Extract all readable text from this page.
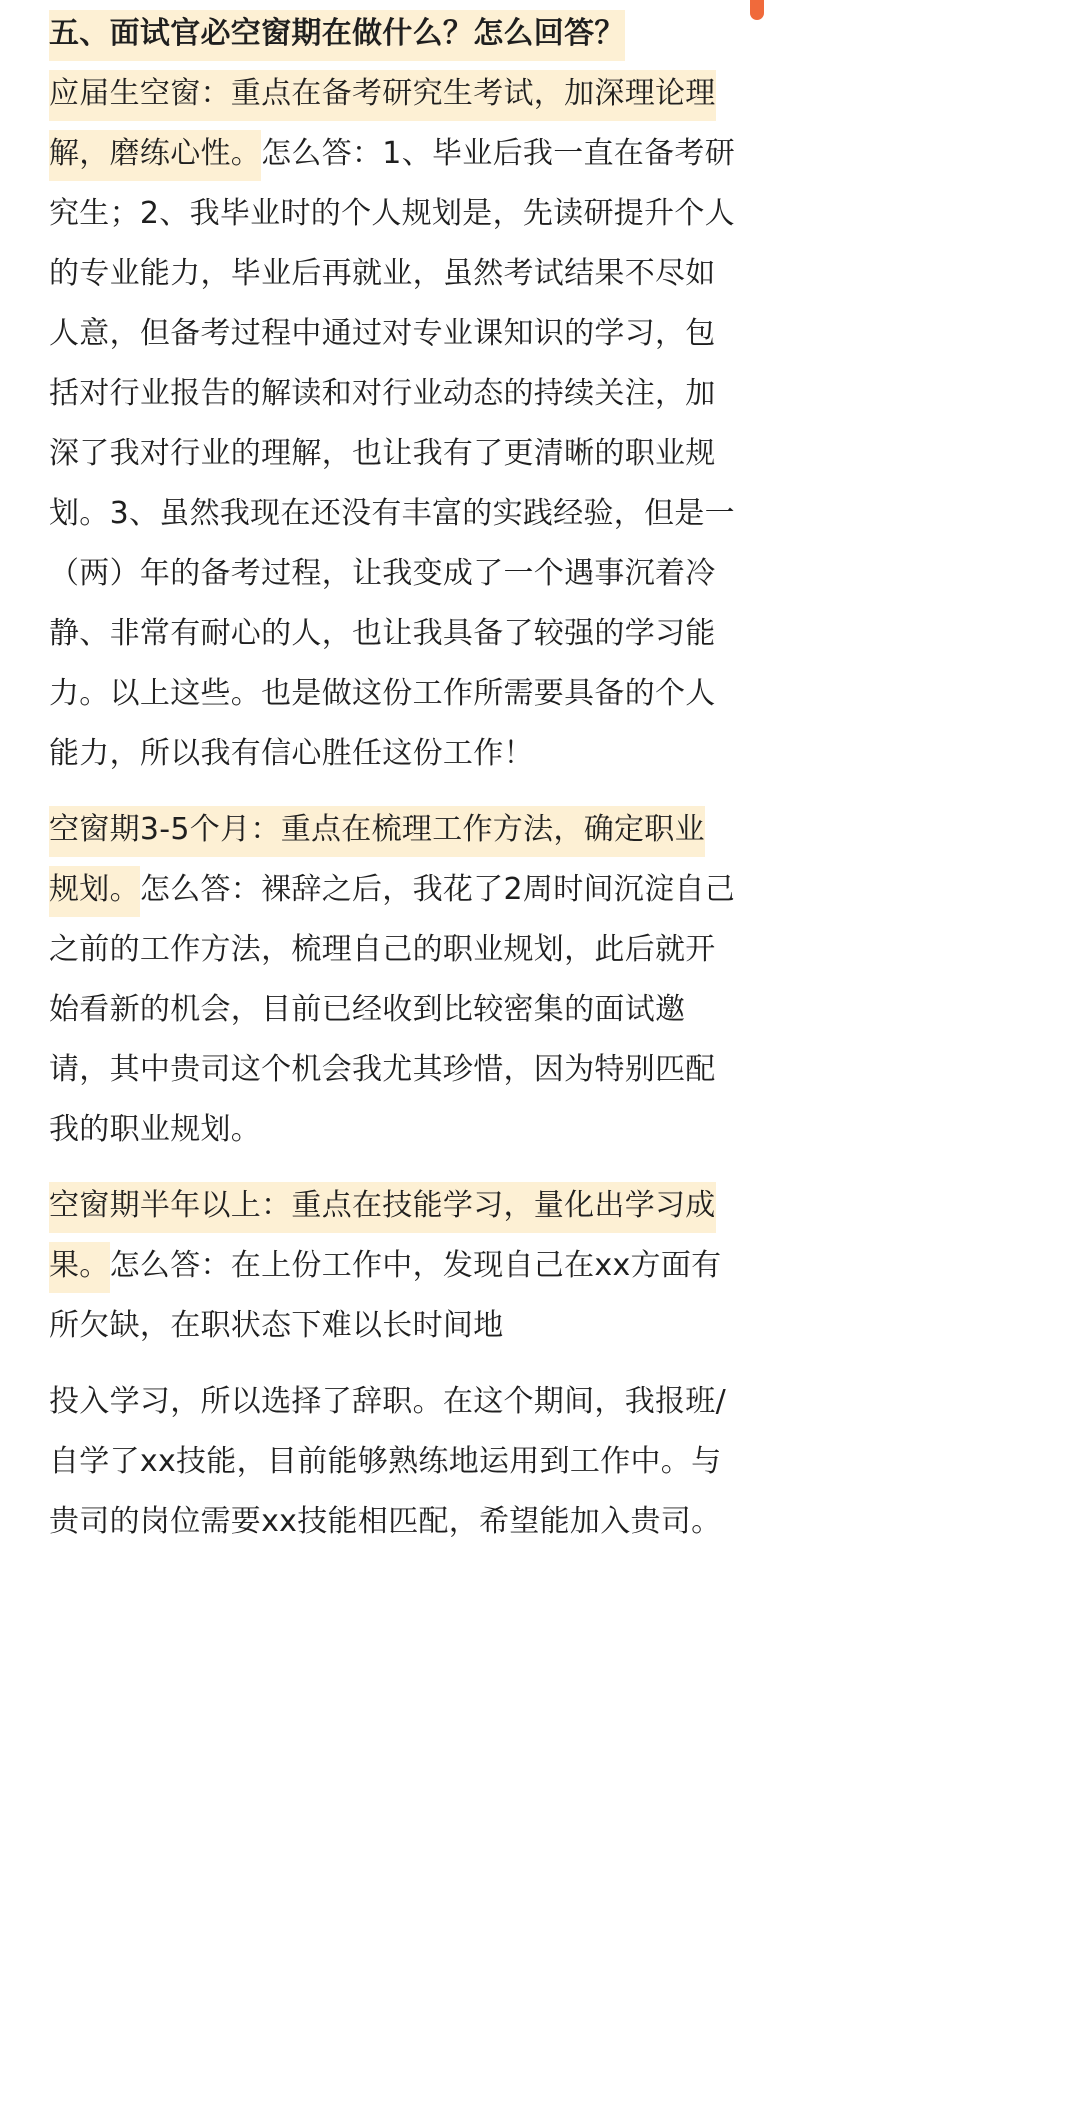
五、面试官必空窗期在做什么？怎么回答？
应届生空窗：重点在备考研究生考试，加深理论理
解，磨练心性。怎么答：1、毕业后我一直在备考研
究生；2、我毕业时的个人规划是，先读研提升个人
的专业能力，毕业后再就业，虽然考试结果不尽如
人意，但备考过程中通过对专业课知识的学习，包
括对行业报告的解读和对行业动态的持续关注，加
深了我对行业的理解，也让我有了更清晰的职业规
划。3、虽然我现在还没有丰富的实践经验，但是一
（两）年的备考过程，让我变成了一个遇事沉着冷
静、非常有耐心的人，也让我具备了较强的学习能
力。以上这些。也是做这份工作所需要具备的个人
能力，所以我有信心胜任这份工作！
空窗期3-5个月：重点在梳理工作方法，确定职业
规划。怎么答：裸辞之后，我花了2周时间沉淀自己
之前的工作方法，梳理自己的职业规划，此后就开
始看新的机会，目前已经收到比较密集的面试邀
请，其中贵司这个机会我尤其珍惜，因为特别匹配
我的职业规划。
空窗期半年以上：重点在技能学习，量化出学习成
果。怎么答：在上份工作中，发现自己在xx方面有
所欠缺，在职状态下难以长时间地
投入学习，所以选择了辞职。在这个期间，我报班/
自学了xx技能，目前能够熟练地运用到工作中。与
贵司的岗位需要xx技能相匹配，希望能加入贵司。
